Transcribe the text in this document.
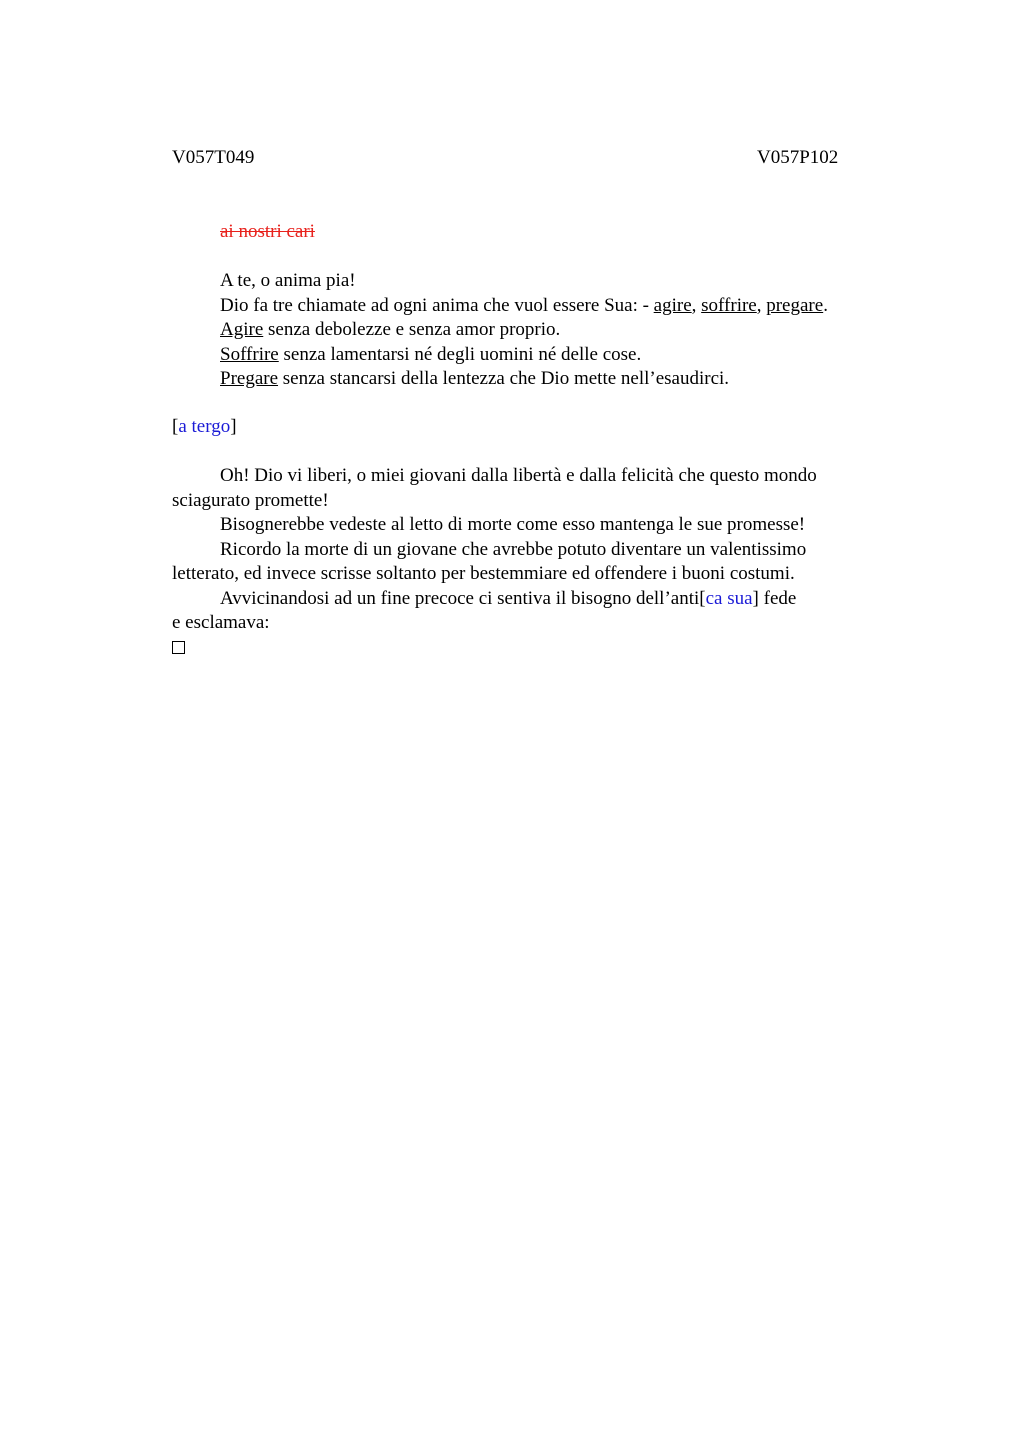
V057T049	V057P102
ai nostri cari
A te, o anima pia!
Dio fa tre chiamate ad ogni anima che vuol essere Sua: - agire, soffrire, pregare.
Agire senza debolezze e senza amor proprio.
Soffrire senza lamentarsi né degli uomini né delle cose.
Pregare senza stancarsi della lentezza che Dio mette nell’esaudirci.
[a tergo]
Oh! Dio vi liberi, o miei giovani dalla libertà e dalla felicità che questo mondo
sciagurato promette!
Bisognerebbe vedeste al letto di morte come esso mantenga le sue promesse!
Ricordo la morte di un giovane che avrebbe potuto diventare un valentissimo
letterato, ed invece scrisse soltanto per bestemmiare ed offendere i buoni costumi.
Avvicinandosi ad un fine precoce ci sentiva il bisogno dell’anti[ca sua] fede
e esclamava:
